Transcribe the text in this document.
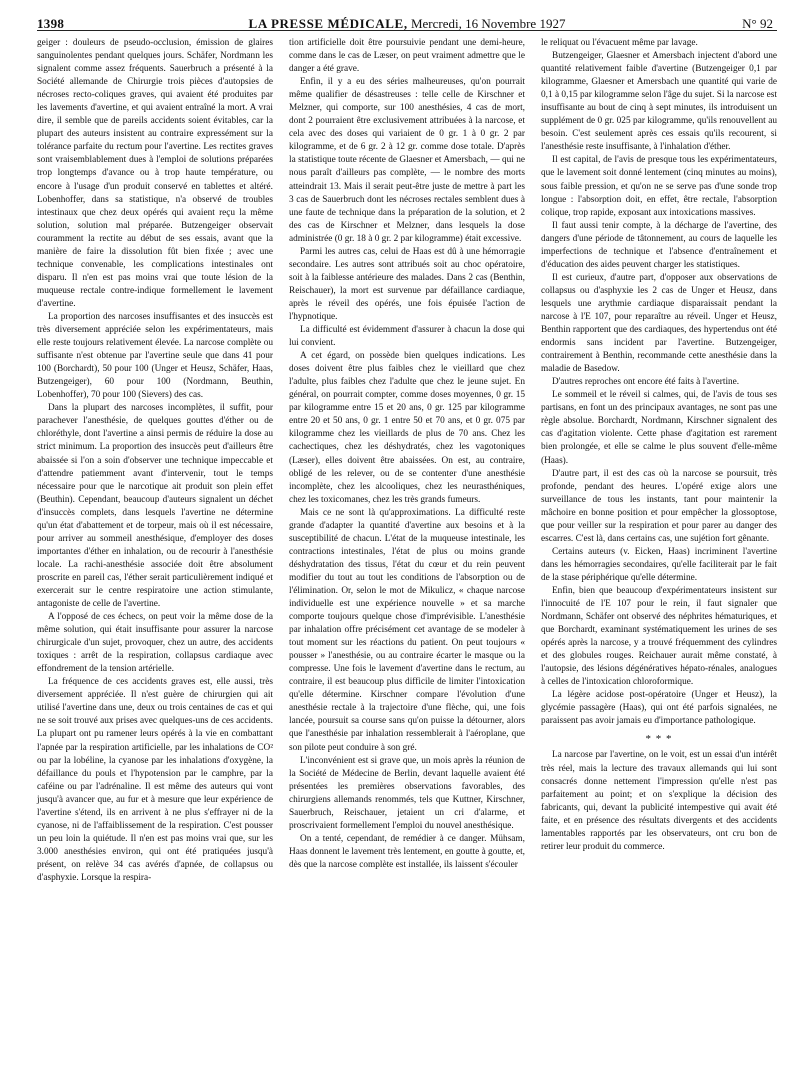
1398	LA PRESSE MÉDICALE, Mercredi, 16 Novembre 1927	N° 92

geiger : douleurs de pseudo-occlusion, émission de glaires sanguinolentes pendant quelques jours. Schäfer, Nordmann les signalent comme assez fréquents. Sauerbruch a présenté à la Société allemande de Chirurgie trois pièces d'autopsies de nécroses recto-coliques graves, qui avaient été produites par les lavements d'avertine, et qui avaient entraîné la mort. A vrai dire, il semble que de pareils accidents soient évitables, car la plupart des auteurs insistent au contraire expressément sur la tolérance parfaite du rectum pour l'avertine. Les rectites graves sont vraisemblablement dues à l'emploi de solutions préparées trop longtemps d'avance ou à trop haute température, ou encore à l'usage d'un produit conservé en tablettes et altéré. Lobenhoffer, dans sa statistique, n'a observé de troubles intestinaux que chez deux opérés qui avaient reçu la même solution, solution mal préparée. Butzengeiger observait couramment la rectite au début de ses essais, avant que la manière de faire la dissolution fût bien fixée ; avec une technique convenable, les complications intestinales ont disparu. Il n'en est pas moins vrai que toute lésion de la muqueuse rectale contre-indique formellement le lavement d'avertine.

La proportion des narcoses insuffisantes et des insuccès est très diversement appréciée selon les expérimentateurs, mais elle reste toujours relativement élevée. La narcose complète ou suffisante n'est obtenue par l'avertine seule que dans 41 pour 100 (Borchardt), 50 pour 100 (Unger et Heusz, Schäfer, Haas, Butzengeiger), 60 pour 100 (Nordmann, Beuthin, Lobenhoffer), 70 pour 100 (Sievers) des cas.

Dans la plupart des narcoses incomplètes, il suffit, pour parachever l'anesthésie, de quelques gouttes d'éther ou de chloréthyle, dont l'avertine a ainsi permis de réduire la dose au strict minimum. La proportion des insuccès peut d'ailleurs être abaissée si l'on a soin d'observer une technique impeccable et d'attendre patiemment avant d'intervenir, tout le temps nécessaire pour que le narcotique ait produit son plein effet (Beuthin). Cependant, beaucoup d'auteurs signalent un déchet d'insuccès complets, dans lesquels l'avertine ne détermine qu'un état d'abattement et de torpeur, mais où il est nécessaire, pour arriver au sommeil anesthésique, d'employer des doses importantes d'éther en inhalation, ou de recourir à l'anesthésie locale. La rachi-anesthésie associée doit être absolument proscrite en pareil cas, l'éther serait particulièrement indiqué et exercerait sur le centre respiratoire une action stimulante, antagoniste de celle de l'avertine.

A l'opposé de ces échecs, on peut voir la même dose de la même solution, qui était insuffisante pour assurer la narcose chirurgicale d'un sujet, provoquer, chez un autre, des accidents toxiques : arrêt de la respiration, collapsus cardiaque avec effondrement de la tension artérielle.

La fréquence de ces accidents graves est, elle aussi, très diversement appréciée. Il n'est guère de chirurgien qui ait utilisé l'avertine dans une, deux ou trois centaines de cas et qui ne se soit trouvé aux prises avec quelques-uns de ces accidents. La plupart ont pu ramener leurs opérés à la vie en combattant l'apnée par la respiration artificielle, par les inhalations de CO² ou par la lobéline, la cyanose par les inhalations d'oxygène, la défaillance du pouls et l'hypotension par le camphre, par la caféine ou par l'adrénaline. Il est même des auteurs qui vont jusqu'à avancer que, au fur et à mesure que leur expérience de l'avertine s'étend, ils en arrivent à ne plus s'effrayer ni de la cyanose, ni de l'affaiblissement de la respiration. C'est pousser un peu loin la quiétude. Il n'en est pas moins vrai que, sur les 3.000 anesthésies environ, qui ont été pratiquées jusqu'à présent, on relève 34 cas avérés d'apnée, de collapsus ou d'asphyxie. Lorsque la respira-

tion artificielle doit être poursuivie pendant une demi-heure, comme dans le cas de Læser, on peut vraiment admettre que le danger a été grave.

Enfin, il y a eu des séries malheureuses, qu'on pourrait même qualifier de désastreuses : telle celle de Kirschner et Melzner, qui comporte, sur 100 anesthésies, 4 cas de mort, dont 2 pourraient être exclusivement attribuées à la narcose, et cela avec des doses qui variaient de 0 gr. 1 à 0 gr. 2 par kilogramme, et de 6 gr. 2 à 12 gr. comme dose totale. D'après la statistique toute récente de Glaesner et Amersbach, — qui ne nous paraît d'ailleurs pas complète, — le nombre des morts atteindrait 13. Mais il serait peut-être juste de mettre à part les 3 cas de Sauerbruch dont les nécroses rectales semblent dues à une faute de technique dans la préparation de la solution, et 2 des cas de Kirschner et Melzner, dans lesquels la dose administrée (0 gr. 18 à 0 gr. 2 par kilogramme) était excessive.

Parmi les autres cas, celui de Haas est dû à une hémorragie secondaire. Les autres sont attribués soit au choc opératoire, soit à la faiblesse antérieure des malades. Dans 2 cas (Benthin, Reischauer), la mort est survenue par défaillance cardiaque, après le réveil des opérés, une fois épuisée l'action de l'hypnotique.

La difficulté est évidemment d'assurer à chacun la dose qui lui convient.

A cet égard, on possède bien quelques indications. Les doses doivent être plus faibles chez le vieillard que chez l'adulte, plus faibles chez l'adulte que chez le jeune sujet. En général, on pourrait compter, comme doses moyennes, 0 gr. 15 par kilogramme entre 15 et 20 ans, 0 gr. 125 par kilogramme entre 20 et 50 ans, 0 gr. 1 entre 50 et 70 ans, et 0 gr. 075 par kilogramme chez les vieillards de plus de 70 ans. Chez les cachectiques, chez les déshydratés, chez les vagotoniques (Læser), elles doivent être abaissées. On est, au contraire, obligé de les relever, ou de se contenter d'une anesthésie incomplète, chez les alcooliques, chez les neurasthéniques, chez les toxicomanes, chez les très grands fumeurs.

Mais ce ne sont là qu'approximations. La difficulté reste grande d'adapter la quantité d'avertine aux besoins et à la susceptibilité de chacun. L'état de la muqueuse intestinale, les contractions intestinales, l'état de plus ou moins grande déshydratation des tissus, l'état du cœur et du rein peuvent modifier du tout au tout les conditions de l'absorption ou de l'élimination. Or, selon le mot de Mikulicz, « chaque narcose individuelle est une expérience nouvelle » et sa marche comporte toujours quelque chose d'imprévisible. L'anesthésie par inhalation offre précisément cet avantage de se modeler à tout moment sur les réactions du patient. On peut toujours « pousser » l'anesthésie, ou au contraire écarter le masque ou la compresse. Une fois le lavement d'avertine dans le rectum, au contraire, il est beaucoup plus difficile de limiter l'intoxication qu'elle détermine. Kirschner compare l'évolution d'une anesthésie rectale à la trajectoire d'une flèche, qui, une fois lancée, poursuit sa course sans qu'on puisse la détourner, alors que l'anesthésie par inhalation ressemblerait à l'aéroplane, que son pilote peut conduire à son gré.

L'inconvénient est si grave que, un mois après la réunion de la Société de Médecine de Berlin, devant laquelle avaient été présentées les premières observations favorables, des chirurgiens allemands renommés, tels que Kuttner, Kirschner, Sauerbruch, Reischauer, jetaient un cri d'alarme, et proscrivaient formellement l'emploi du nouvel anesthésique.

On a tenté, cependant, de remédier à ce danger. Mühsam, Haas donnent le lavement très lentement, en goutte à goutte, et, dès que la narcose complète est installée, ils laissent s'écouler

le reliquat ou l'évacuent même par lavage.

Butzengeiger, Glaesner et Amersbach injectent d'abord une quantité relativement faible d'avertine (Butzengeiger 0,1 par kilogramme, Glaesner et Amersbach une quantité qui varie de 0,1 à 0,15 par kilogramme selon l'âge du sujet. Si la narcose est insuffisante au bout de cinq à sept minutes, ils introduisent un supplément de 0 gr. 025 par kilogramme, qu'ils renouvellent au besoin. C'est seulement après ces essais qu'ils recourent, si l'anesthésie reste insuffisante, à l'inhalation d'éther.

Il est capital, de l'avis de presque tous les expérimentateurs, que le lavement soit donné lentement (cinq minutes au moins), sous faible pression, et qu'on ne se serve pas d'une sonde trop longue : l'absorption doit, en effet, être rectale, l'absorption colique, trop rapide, exposant aux intoxications massives.

Il faut aussi tenir compte, à la décharge de l'avertine, des dangers d'une période de tâtonnement, au cours de laquelle les imperfections de technique et l'absence d'entraînement et d'éducation des aides peuvent charger les statistiques.

Il est curieux, d'autre part, d'opposer aux observations de collapsus ou d'asphyxie les 2 cas de Unger et Heusz, dans lesquels une arythmie cardiaque disparaissait pendant la narcose à l'E 107, pour reparaître au réveil. Unger et Heusz, Benthin rapportent que des cardiaques, des hypertendus ont été endormis sans incident par l'avertine. Butzengeiger, contrairement à Benthin, recommande cette anesthésie dans la maladie de Basedow.

D'autres reproches ont encore été faits à l'avertine.

Le sommeil et le réveil si calmes, qui, de l'avis de tous ses partisans, en font un des principaux avantages, ne sont pas une règle absolue. Borchardt, Nordmann, Kirschner signalent des cas d'agitation violente. Cette phase d'agitation est rarement bien prolongée, et elle se calme le plus souvent d'elle-même (Haas).

D'autre part, il est des cas où la narcose se poursuit, très profonde, pendant des heures. L'opéré exige alors une surveillance de tous les instants, tant pour maintenir la mâchoire en bonne position et pour empêcher la glossoptose, que pour veiller sur la respiration et pour parer au danger des escarres. C'est là, dans certains cas, une sujétion fort gênante.

Certains auteurs (v. Eicken, Haas) incriminent l'avertine dans les hémorragies secondaires, qu'elle faciliterait par le fait de la stase périphérique qu'elle détermine.

Enfin, bien que beaucoup d'expérimentateurs insistent sur l'innocuité de l'E 107 pour le rein, il faut signaler que Nordmann, Schäfer ont observé des néphrites hématuriques, et que Borchardt, examinant systématiquement les urines de ses opérés après la narcose, y a trouvé fréquemment des cylindres et des globules rouges. Reichauer aurait même constaté, à l'autopsie, des lésions dégénératives hépato-rénales, analogues à celles de l'intoxication chloroformique.

La légère acidose post-opératoire (Unger et Heusz), la glycémie passagère (Haas), qui ont été parfois signalées, ne paraissent pas avoir jamais eu d'importance pathologique.

* * *

La narcose par l'avertine, on le voit, est un essai d'un intérêt très réel, mais la lecture des travaux allemands qui lui sont consacrés donne nettement l'impression qu'elle n'est pas parfaitement au point; et on s'explique la décision des fabricants, qui, devant la publicité intempestive qui avait été faite, et en présence des résultats divergents et des accidents lamentables rapportés par les observateurs, ont cru bon de retirer leur produit du commerce.
